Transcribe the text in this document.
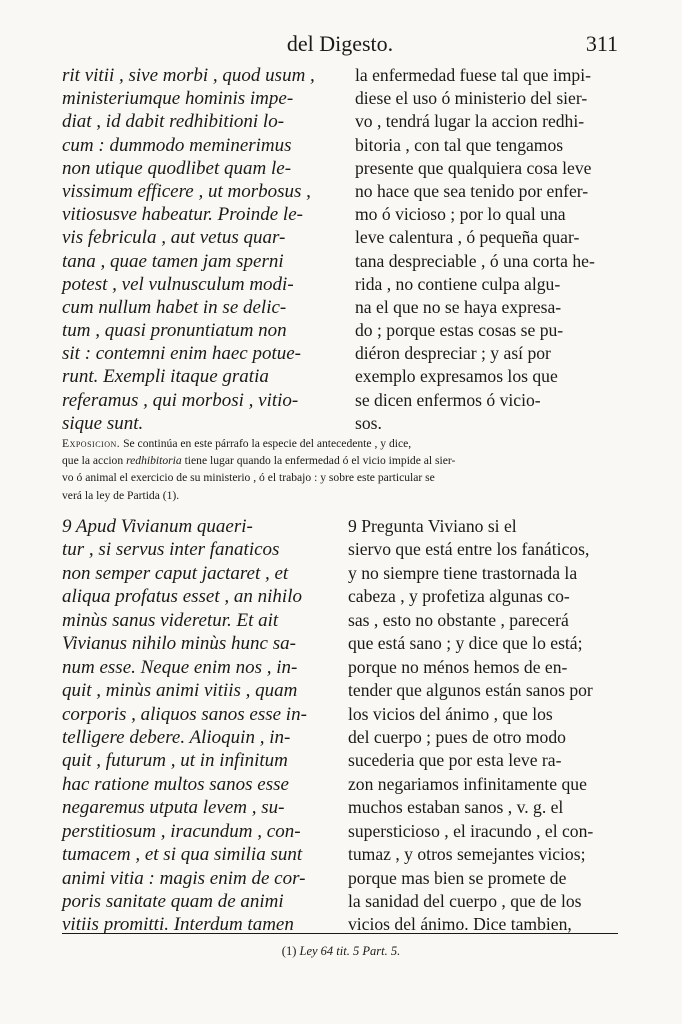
del Digesto.	311
rit vitii , sive morbi , quod usum ,
ministeriumque hominis impe-
diat , id dabit redhibitioni lo-
cum : dummodo meminerimus
non utique quodlibet quam le-
vissimum efficere , ut morbosus ,
vitiosusve habeatur. Proinde le-
vis febricula , aut vetus quar-
tana , quae tamen jam sperni
potest , vel vulnusculum modi-
cum nullum habet in se delic-
tum , quasi pronuntiatum non
sit : contemni enim haec potue-
runt. Exempli itaque gratia
referamus , qui morbosi , vitio-
sique sunt.
la enfermedad fuese tal que impi-
diese el uso ó ministerio del sier-
vo , tendrá lugar la accion redhi-
bitoria , con tal que tengamos
presente que qualquiera cosa leve
no hace que sea tenido por enfer-
mo ó vicioso ; por lo qual una
leve calentura , ó pequeña quar-
tana despreciable , ó una corta he-
rida , no contiene culpa algu-
na el que no se haya expresa-
do ; porque estas cosas se pu-
diéron despreciar ; y así por
exemplo expresamos los que
se dicen enfermos ó vicio-
sos.
Exposicion. Se continúa en este párrafo la especie del antecedente , y dice,
que la accion redhibitoria tiene lugar quando la enfermedad ó el vicio impide al sier-
vo ó animal el exercicio de su ministerio , ó el trabajo : y sobre este particular se
verá la ley de Partida (1).
9 Apud Vivianum quaeri-
tur , si servus inter fanaticos
non semper caput jactaret , et
aliqua profatus esset , an nihilo
minùs sanus videretur. Et ait
Vivianus nihilo minùs hunc sa-
num esse. Neque enim nos , in-
quit , minùs animi vitiis , quam
corporis , aliquos sanos esse in-
telligere debere. Alioquin , in-
quit , futurum , ut in infinitum
hac ratione multos sanos esse
negaremus utputa levem , su-
perstitiosum , iracundum , con-
tumacem , et si qua similia sunt
animi vitia : magis enim de cor-
poris sanitate quam de animi
vitiis promitti. Interdum tamen
9 Pregunta Viviano si el
siervo que está entre los fanáticos,
y no siempre tiene trastornada la
cabeza , y profetiza algunas co-
sas , esto no obstante , parecerá
que está sano ; y dice que lo está;
porque no ménos hemos de en-
tender que algunos están sanos por
los vicios del ánimo , que los
del cuerpo ; pues de otro modo
sucederia que por esta leve ra-
zon negariamos infinitamente que
muchos estaban sanos , v. g. el
supersticioso , el iracundo , el con-
tumaz , y otros semejantes vicios;
porque mas bien se promete de
la sanidad del cuerpo , que de los
vicios del ánimo. Dice tambien,
(1) Ley 64 tit. 5 Part. 5.
